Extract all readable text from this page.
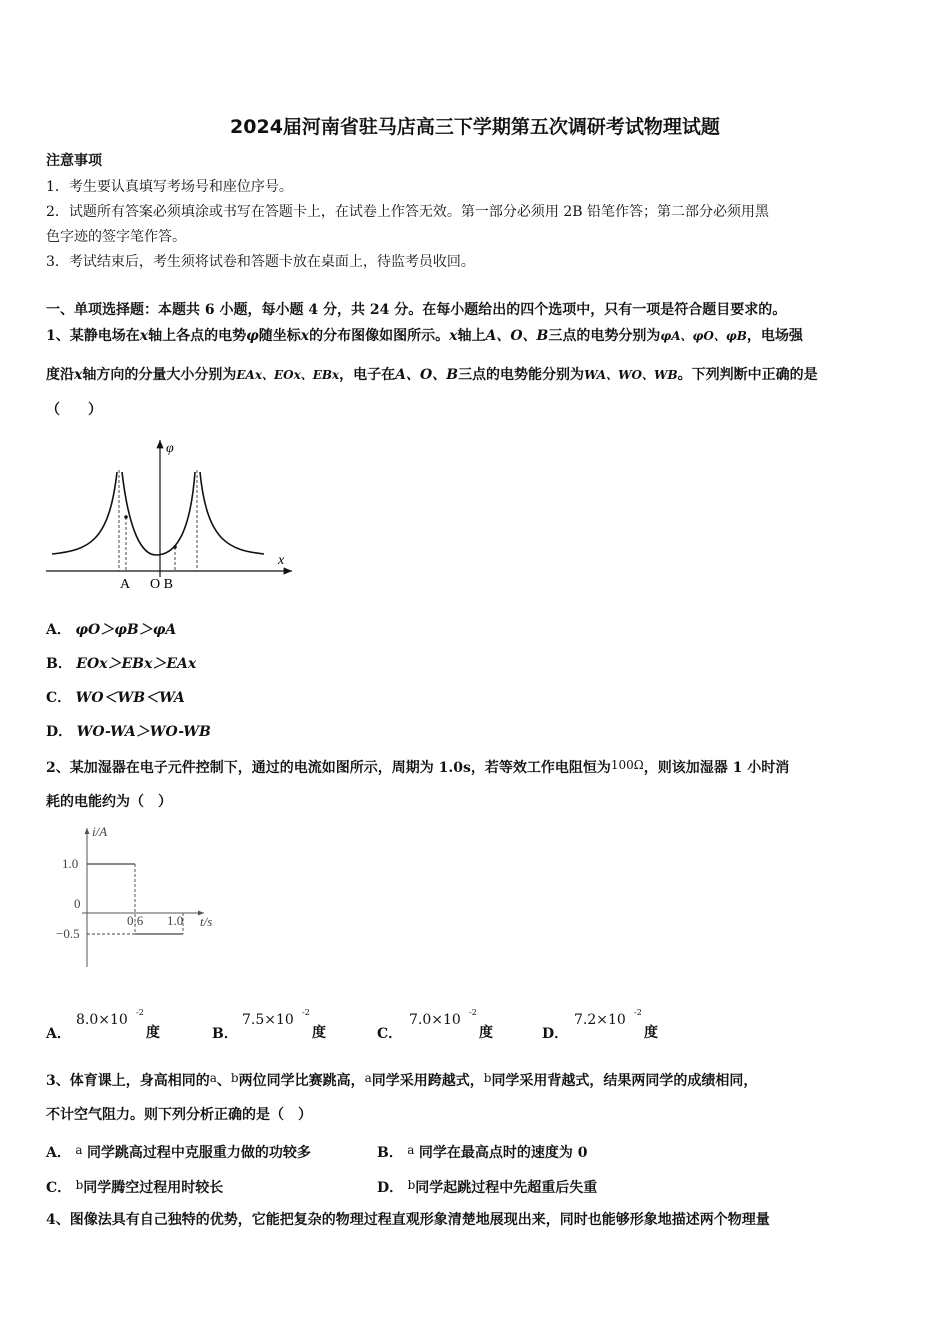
2024届河南省驻马店高三下学期第五次调研考试物理试题
注意事项
1．考生要认真填写考场号和座位序号。
2．试题所有答案必须填涂或书写在答题卡上，在试卷上作答无效。第一部分必须用 2B 铅笔作答；第二部分必须用黑
色字迹的签字笔作答。
3．考试结束后，考生须将试卷和答题卡放在桌面上，待监考员收回。
一、单项选择题：本题共 6 小题，每小题 4 分，共 24 分。在每小题给出的四个选项中，只有一项是符合题目要求的。
1、某静电场在x轴上各点的电势φ随坐标x的分布图像如图所示。x轴上A、O、B三点的电势分别为φA、φO、φB，电场强
度沿x轴方向的分量大小分别为EAx、EOx、EBx，电子在A、O、B三点的电势能分别为WA、WO、WB。下列判断中正确的是
（　　）
φ
x
A O B
A． φO＞φB＞φA
B． EOx＞EBx＞EAx
C． WO＜WB＜WA
D． WO-WA＞WO-WB
2、某加湿器在电子元件控制下，通过的电流如图所示，周期为 1.0s，若等效工作电阻恒为100Ω，则该加湿器 1 小时消
耗的电能约为（　）
i/A
t/s
1.0
0
−0.5
0.6 1.0
A．
8.0×10 -2
度	B．
7.5×10 -2
度	C．
7.0×10 -2
度	D．
7.2×10 -2
度
3、体育课上，身高相同的a、b两位同学比赛跳高，a同学采用跨越式，b同学采用背越式，结果两同学的成绩相同，
不计空气阻力。则下列分析正确的是（　）
A． a 同学跳高过程中克服重力做的功较多	B． a 同学在最高点时的速度为 0
C． b同学腾空过程用时较长	D． b同学起跳过程中先超重后失重
4、图像法具有自己独特的优势，它能把复杂的物理过程直观形象清楚地展现出来，同时也能够形象地描述两个物理量
